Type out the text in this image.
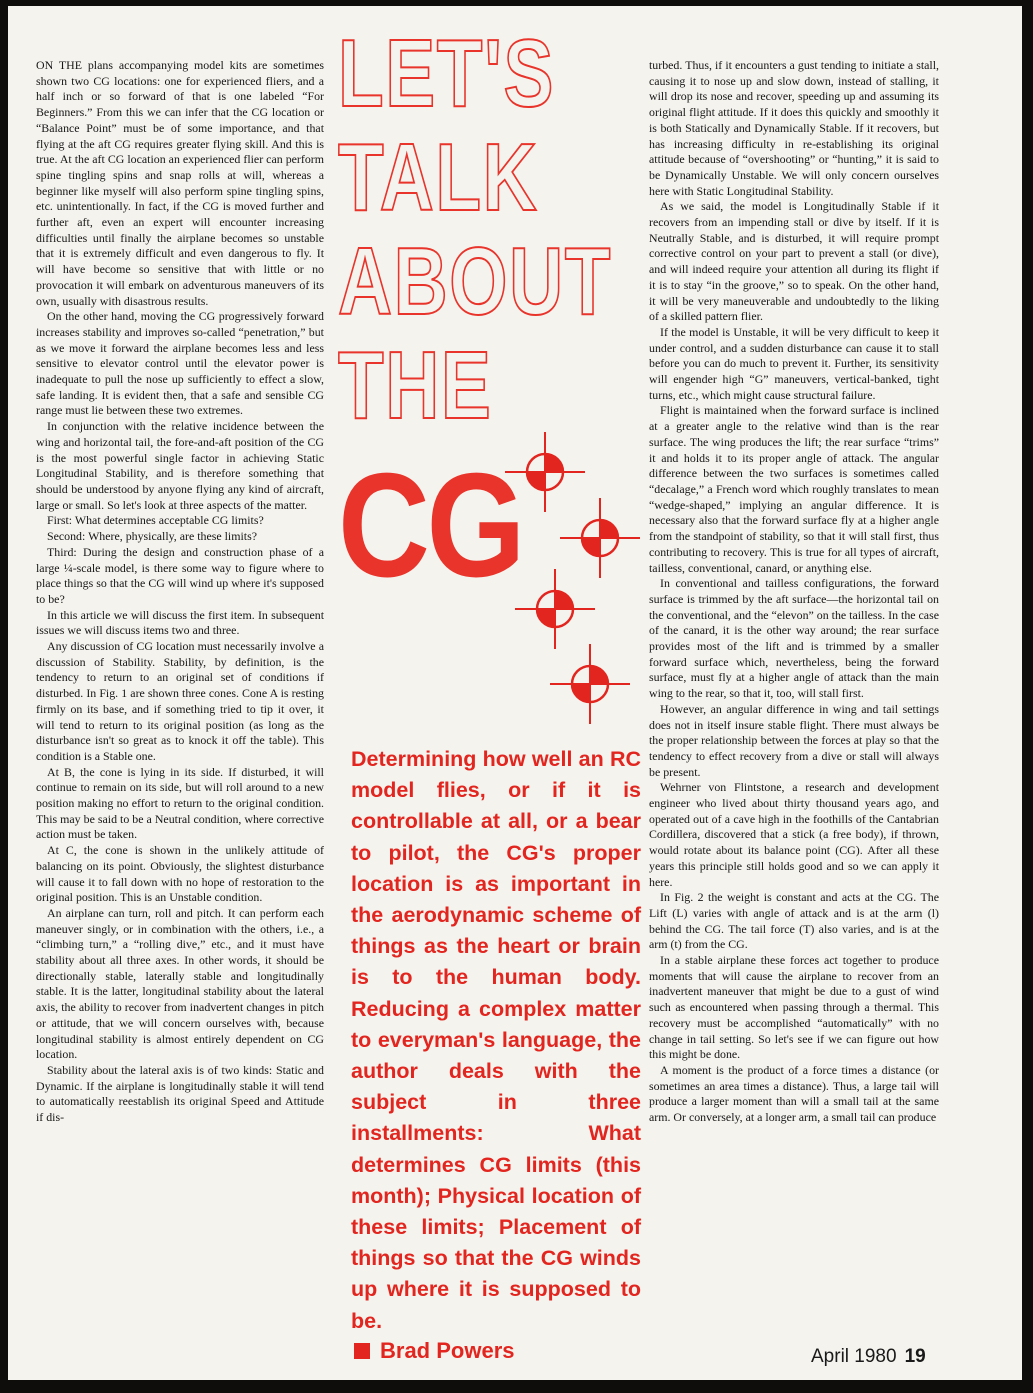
ON THE plans accompanying model kits are sometimes shown two CG locations: one for experienced fliers, and a half inch or so forward of that is one labeled “For Beginners.” From this we can infer that the CG location or “Balance Point” must be of some importance, and that flying at the aft CG requires greater flying skill. And this is true. At the aft CG location an experienced flier can perform spine tingling spins and snap rolls at will, whereas a beginner like myself will also perform spine tingling spins, etc. unintentionally. In fact, if the CG is moved further and further aft, even an expert will encounter increasing difficulties until finally the airplane becomes so unstable that it is extremely difficult and even dangerous to fly. It will have become so sensitive that with little or no provocation it will embark on adventurous maneuvers of its own, usually with disastrous results.

On the other hand, moving the CG progressively forward increases stability and improves so-called “penetration,” but as we move it forward the airplane becomes less and less sensitive to elevator control until the elevator power is inadequate to pull the nose up sufficiently to effect a slow, safe landing. It is evident then, that a safe and sensible CG range must lie between these two extremes.

In conjunction with the relative incidence between the wing and horizontal tail, the fore-and-aft position of the CG is the most powerful single factor in achieving Static Longitudinal Stability, and is therefore something that should be understood by anyone flying any kind of aircraft, large or small. So let's look at three aspects of the matter.

First: What determines acceptable CG limits?

Second: Where, physically, are these limits?

Third: During the design and construction phase of a large ¼-scale model, is there some way to figure where to place things so that the CG will wind up where it's supposed to be?

In this article we will discuss the first item. In subsequent issues we will discuss items two and three.

Any discussion of CG location must necessarily involve a discussion of Stability. Stability, by definition, is the tendency to return to an original set of conditions if disturbed. In Fig. 1 are shown three cones. Cone A is resting firmly on its base, and if something tried to tip it over, it will tend to return to its original position (as long as the disturbance isn't so great as to knock it off the table). This condition is a Stable one.

At B, the cone is lying in its side. If disturbed, it will continue to remain on its side, but will roll around to a new position making no effort to return to the original condition. This may be said to be a Neutral condition, where corrective action must be taken.

At C, the cone is shown in the unlikely attitude of balancing on its point. Obviously, the slightest disturbance will cause it to fall down with no hope of restoration to the original position. This is an Unstable condition.

An airplane can turn, roll and pitch. It can perform each maneuver singly, or in combination with the others, i.e., a “climbing turn,” a “rolling dive,” etc., and it must have stability about all three axes. In other words, it should be directionally stable, laterally stable and longitudinally stable. It is the latter, longitudinal stability about the lateral axis, the ability to recover from inadvertent changes in pitch or attitude, that we will concern ourselves with, because longitudinal stability is almost entirely dependent on CG location.

Stability about the lateral axis is of two kinds: Static and Dynamic. If the airplane is longitudinally stable it will tend to automatically reestablish its original Speed and Attitude if dis-

LET'S
TALK
ABOUT
THE
CG
Determining how well an RC model flies, or if it is controllable at all, or a bear to pilot, the CG's proper location is as important in the aerodynamic scheme of things as the heart or brain is to the human body. Reducing a complex matter to everyman's language, the author deals with the subject in three installments: What determines CG limits (this month); Physical location of these limits; Placement of things so that the CG winds up where it is supposed to be.
Brad Powers

turbed. Thus, if it encounters a gust tending to initiate a stall, causing it to nose up and slow down, instead of stalling, it will drop its nose and recover, speeding up and assuming its original flight attitude. If it does this quickly and smoothly it is both Statically and Dynamically Stable. If it recovers, but has increasing difficulty in re-establishing its original attitude because of “overshooting” or “hunting,” it is said to be Dynamically Unstable. We will only concern ourselves here with Static Longitudinal Stability.

As we said, the model is Longitudinally Stable if it recovers from an impending stall or dive by itself. If it is Neutrally Stable, and is disturbed, it will require prompt corrective control on your part to prevent a stall (or dive), and will indeed require your attention all during its flight if it is to stay “in the groove,” so to speak. On the other hand, it will be very maneuverable and undoubtedly to the liking of a skilled pattern flier.

If the model is Unstable, it will be very difficult to keep it under control, and a sudden disturbance can cause it to stall before you can do much to prevent it. Further, its sensitivity will engender high “G” maneuvers, vertical-banked, tight turns, etc., which might cause structural failure.

Flight is maintained when the forward surface is inclined at a greater angle to the relative wind than is the rear surface. The wing produces the lift; the rear surface “trims” it and holds it to its proper angle of attack. The angular difference between the two surfaces is sometimes called “decalage,” a French word which roughly translates to mean “wedge-shaped,” implying an angular difference. It is necessary also that the forward surface fly at a higher angle from the standpoint of stability, so that it will stall first, thus contributing to recovery. This is true for all types of aircraft, tailless, conventional, canard, or anything else.

In conventional and tailless configurations, the forward surface is trimmed by the aft surface—the horizontal tail on the conventional, and the “elevon” on the tailless. In the case of the canard, it is the other way around; the rear surface provides most of the lift and is trimmed by a smaller forward surface which, nevertheless, being the forward surface, must fly at a higher angle of attack than the main wing to the rear, so that it, too, will stall first.

However, an angular difference in wing and tail settings does not in itself insure stable flight. There must always be the proper relationship between the forces at play so that the tendency to effect recovery from a dive or stall will always be present.

Wehrner von Flintstone, a research and development engineer who lived about thirty thousand years ago, and operated out of a cave high in the foothills of the Cantabrian Cordillera, discovered that a stick (a free body), if thrown, would rotate about its balance point (CG). After all these years this principle still holds good and so we can apply it here.

In Fig. 2 the weight is constant and acts at the CG. The Lift (L) varies with angle of attack and is at the arm (l) behind the CG. The tail force (T) also varies, and is at the arm (t) from the CG.

In a stable airplane these forces act together to produce moments that will cause the airplane to recover from an inadvertent maneuver that might be due to a gust of wind such as encountered when passing through a thermal. This recovery must be accomplished “automatically” with no change in tail setting. So let's see if we can figure out how this might be done.

A moment is the product of a force times a distance (or sometimes an area times a distance). Thus, a large tail will produce a larger moment than will a small tail at the same arm. Or conversely, at a longer arm, a small tail can produce

April 1980 19
